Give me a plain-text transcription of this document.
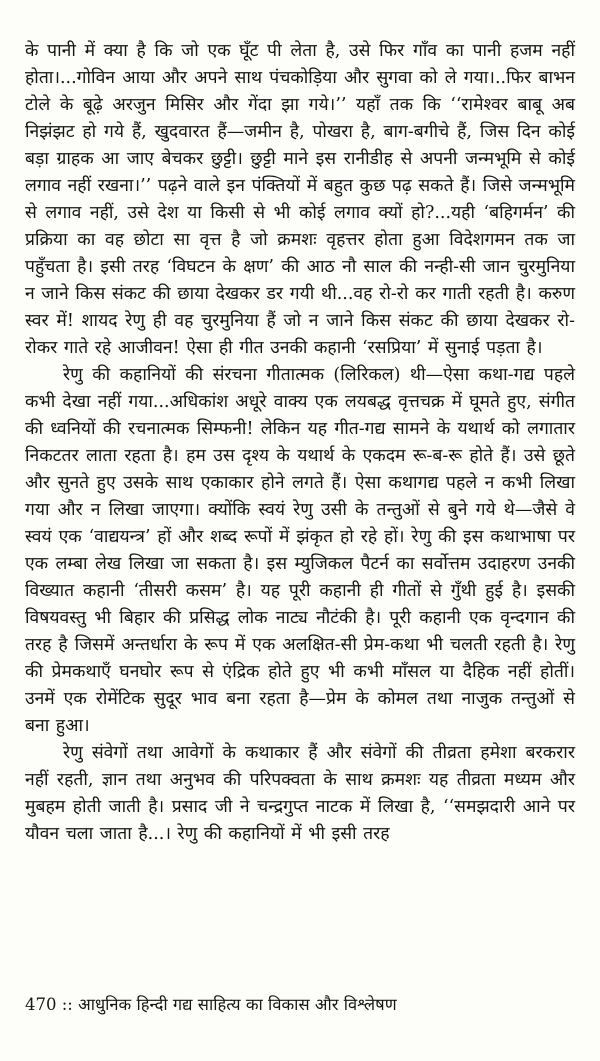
के पानी में क्या है कि जो एक घूँट पी लेता है, उसे फिर गाँव का पानी हजम नहीं होता।...गोविन आया और अपने साथ पंचकोड़िया और सुगवा को ले गया।..फिर बाभन टोले के बूढ़े अरजुन मिसिर और गेंदा झा गये।’’ यहाँ तक कि ‘‘रामेश्वर बाबू अब निझंझट हो गये हैं, खुदवारत हैं—जमीन है, पोखरा है, बाग-बगीचे हैं, जिस दिन कोई बड़ा ग्राहक आ जाए बेचकर छुट्टी। छुट्टी माने इस रानीडीह से अपनी जन्मभूमि से कोई लगाव नहीं रखना।’’ पढ़ने वाले इन पंक्तियों में बहुत कुछ पढ़ सकते हैं। जिसे जन्मभूमि से लगाव नहीं, उसे देश या किसी से भी कोई लगाव क्यों हो?...यही ‘बहिगर्मन’ की प्रक्रिया का वह छोटा सा वृत्त है जो क्रमशः वृहत्तर होता हुआ विदेशगमन तक जा पहुँचता है। इसी तरह ‘विघटन के क्षण’ की आठ नौ साल की नन्ही-सी जान चुरमुनिया न जाने किस संकट की छाया देखकर डर गयी थी...वह रो-रो कर गाती रहती है। करुण स्वर में! शायद रेणु ही वह चुरमुनिया हैं जो न जाने किस संकट की छाया देखकर रो-रोकर गाते रहे आजीवन! ऐसा ही गीत उनकी कहानी ‘रसप्रिया’ में सुनाई पड़ता है।

रेणु की कहानियों की संरचना गीतात्मक (लिरिकल) थी—ऐसा कथा-गद्य पहले कभी देखा नहीं गया...अधिकांश अधूरे वाक्य एक लयबद्ध वृत्तचक्र में घूमते हुए, संगीत की ध्वनियों की रचनात्मक सिम्फनी! लेकिन यह गीत-गद्य सामने के यथार्थ को लगातार निकटतर लाता रहता है। हम उस दृश्य के यथार्थ के एकदम रू-ब-रू होते हैं। उसे छूते और सुनते हुए उसके साथ एकाकार होने लगते हैं। ऐसा कथागद्य पहले न कभी लिखा गया और न लिखा जाएगा। क्योंकि स्वयं रेणु उसी के तन्तुओं से बुने गये थे—जैसे वे स्वयं एक ‘वाद्ययन्त्र’ हों और शब्द रूपों में झंकृत हो रहे हों। रेणु की इस कथाभाषा पर एक लम्बा लेख लिखा जा सकता है। इस म्युजिकल पैटर्न का सर्वोत्तम उदाहरण उनकी विख्यात कहानी ‘तीसरी कसम’ है। यह पूरी कहानी ही गीतों से गुँथी हुई है। इसकी विषयवस्तु भी बिहार की प्रसिद्ध लोक नाट्य नौटंकी है। पूरी कहानी एक वृन्दगान की तरह है जिसमें अन्तर्धारा के रूप में एक अलक्षित-सी प्रेम-कथा भी चलती रहती है। रेणु की प्रेमकथाएँ घनघोर रूप से एंद्रिक होते हुए भी कभी माँसल या दैहिक नहीं होतीं। उनमें एक रोमेंटिक सुदूर भाव बना रहता है—प्रेम के कोमल तथा नाजुक तन्तुओं से बना हुआ।

रेणु संवेगों तथा आवेगों के कथाकार हैं और संवेगों की तीव्रता हमेशा बरकरार नहीं रहती, ज्ञान तथा अनुभव की परिपक्वता के साथ क्रमशः यह तीव्रता मध्यम और मुबहम होती जाती है। प्रसाद जी ने चन्द्रगुप्त नाटक में लिखा है, ‘‘समझदारी आने पर यौवन चला जाता है...। रेणु की कहानियों में भी इसी तरह

470 :: आधुनिक हिन्दी गद्य साहित्य का विकास और विश्लेषण
